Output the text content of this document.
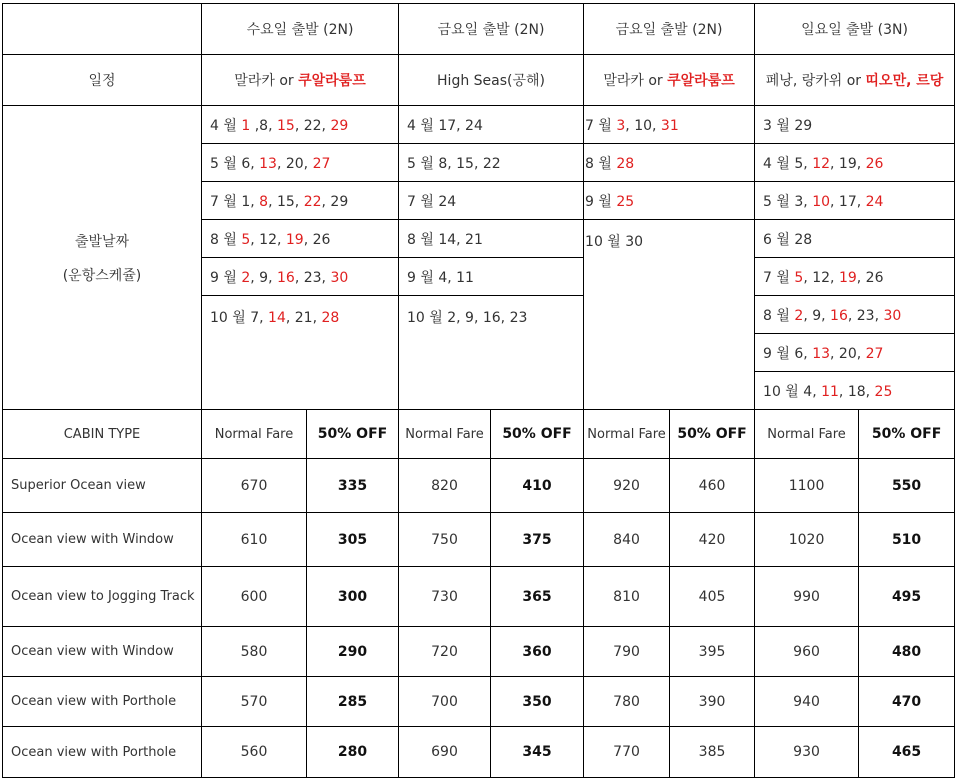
	수요일 출발 (2N)		금요일 출발 (2N)		금요일 출발 (2N)		일요일 출발 (3N)	
일정	말라카 or 쿠알라룸프		High Seas(공해)		말라카 or 쿠알라룸프		페낭, 랑카위 or 띠오만, 르당	

출발날짜
(운항스케쥴)	4 월 1 ,8, 15, 22, 29		4 월 17, 24		7 월 3, 10, 31		3 월 29	
	5 월 6, 13, 20, 27		5 월 8, 15, 22		8 월 28		4 월 5, 12, 19, 26	
	7 월 1, 8, 15, 22, 29		7 월 24		9 월 25		5 월 3, 10, 17, 24	
	8 월 5, 12, 19, 26		8 월 14, 21		10 월 30		6 월 28	
	9 월 2, 9, 16, 23, 30		9 월 4, 11				7 월 5, 12, 19, 26	
	10 월 7, 14, 21, 28		10 월 2, 9, 16, 23				8 월 2, 9, 16, 23, 30	
							9 월 6, 13, 20, 27	
							10 월 4, 11, 18, 25	
CABIN TYPE	Normal Fare	50% OFF	Normal Fare	50% OFF	Normal Fare	50% OFF	Normal Fare	50% OFF
Superior Ocean view	670	335	820	410	920	460	1100	550
Ocean view with Window	610	305	750	375	840	420	1020	510
Ocean view to Jogging Track	600	300	730	365	810	405	990	495
Ocean view with Window	580	290	720	360	790	395	960	480
Ocean view with Porthole	570	285	700	350	780	390	940	470
Ocean view with Porthole	560	280	690	345	770	385	930	465
